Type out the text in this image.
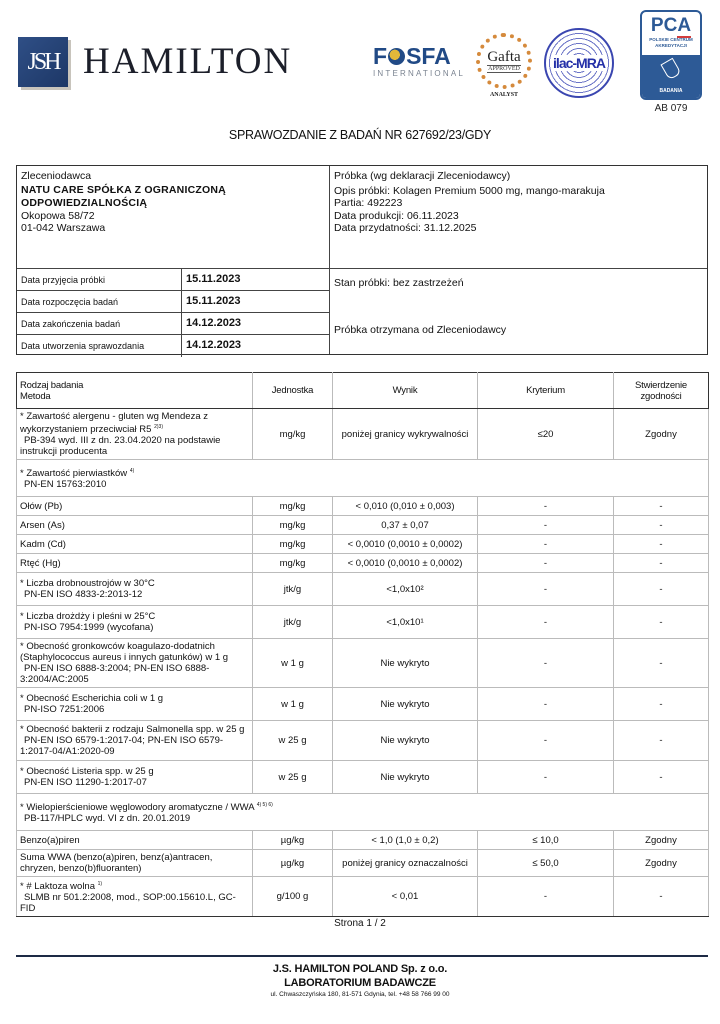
JSH HAMILTON	F SFA
INTERNATIONAL
Gafta
APPROVED
ANALYST
ilac-MRA
PCA
POLSKIE CENTRUM
AKREDYTACJI
BADANIA
AB 079
SPRAWOZDANIE Z BADAŃ NR 627692/23/GDY
Zleceniodawca
NATU CARE SPÓŁKA Z OGRANICZONĄ
ODPOWIEDZIALNOŚCIĄ
Okopowa 58/72
01-042 Warszawa
Próbka (wg deklaracji Zleceniodawcy)
Opis próbki: Kolagen Premium 5000 mg, mango-marakuja
Partia: 492223
Data produkcji: 06.11.2023
Data przydatności: 31.12.2025
Data przyjęcia próbki	15.11.2023
Data rozpoczęcia badań	15.11.2023
Data zakończenia badań	14.12.2023
Data utworzenia sprawozdania	14.12.2023
Stan próbki: bez zastrzeżeń
Próbka otrzymana od Zleceniodawcy
Rodzaj badania
Metoda	Jednostka	Wynik	Kryterium	Stwierdzenie
zgodności

* Zawartość alergenu - gluten wg Mendeza z wykorzystaniem przeciwciał R5 $^{2)3)}$
PB-394 wyd. III z dn. 23.04.2020 na podstawie instrukcji producenta	mg/kg	poniżej granicy wykrywalności	≤20	Zgodny
* Zawartość pierwiastków $^{4)}$
PN-EN 15763:2010				
Ołów (Pb)	mg/kg	< 0,010 (0,010 ± 0,003)	-	-
Arsen (As)	mg/kg	0,37 ± 0,07	-	-
Kadm (Cd)	mg/kg	< 0,0010 (0,0010 ± 0,0002)	-	-
Rtęć (Hg)	mg/kg	< 0,0010 (0,0010 ± 0,0002)	-	-
* Liczba drobnoustrojów w 30°C
PN-EN ISO 4833-2:2013-12	jtk/g	<1,0x10²	-	-
* Liczba drożdży i pleśni w 25°C
PN-ISO 7954:1999 (wycofana)	jtk/g	<1,0x10¹	-	-
* Obecność gronkowców koagulazo-dodatnich (Staphylococcus aureus i innych gatunków) w 1 g
PN-EN ISO 6888-3:2004; PN-EN ISO 6888-3:2004/AC:2005	w 1 g	Nie wykryto	-	-
* Obecność Escherichia coli w 1 g
PN-ISO 7251:2006	w 1 g	Nie wykryto	-	-
* Obecność bakterii z rodzaju Salmonella spp. w 25 g
PN-EN ISO 6579-1:2017-04; PN-EN ISO 6579-1:2017-04/A1:2020-09	w 25 g	Nie wykryto	-	-
* Obecność Listeria spp. w 25 g
PN-EN ISO 11290-1:2017-07	w 25 g	Nie wykryto	-	-
* Wielopierścieniowe węglowodory aromatyczne / WWA $^{4) 5) 6)}$
PB-117/HPLC wyd. VI z dn. 20.01.2019				
Benzo(a)piren	µg/kg	< 1,0 (1,0 ± 0,2)	≤ 10,0	Zgodny
Suma WWA (benzo(a)piren, benz(a)antracen, chryzen, benzo(b)fluoranten)	µg/kg	poniżej granicy oznaczalności	≤ 50,0	Zgodny
* # Laktoza wolna $^{1)}$
SLMB nr 501.2:2008, mod., SOP:00.15610.L, GC-FID	g/100 g	< 0,01	-	-
Strona 1 / 2
J.S. HAMILTON POLAND Sp. z o.o.
LABORATORIUM BADAWCZE
ul. Chwaszczyńska 180, 81-571 Gdynia, tel. +48 58 766 99 00
